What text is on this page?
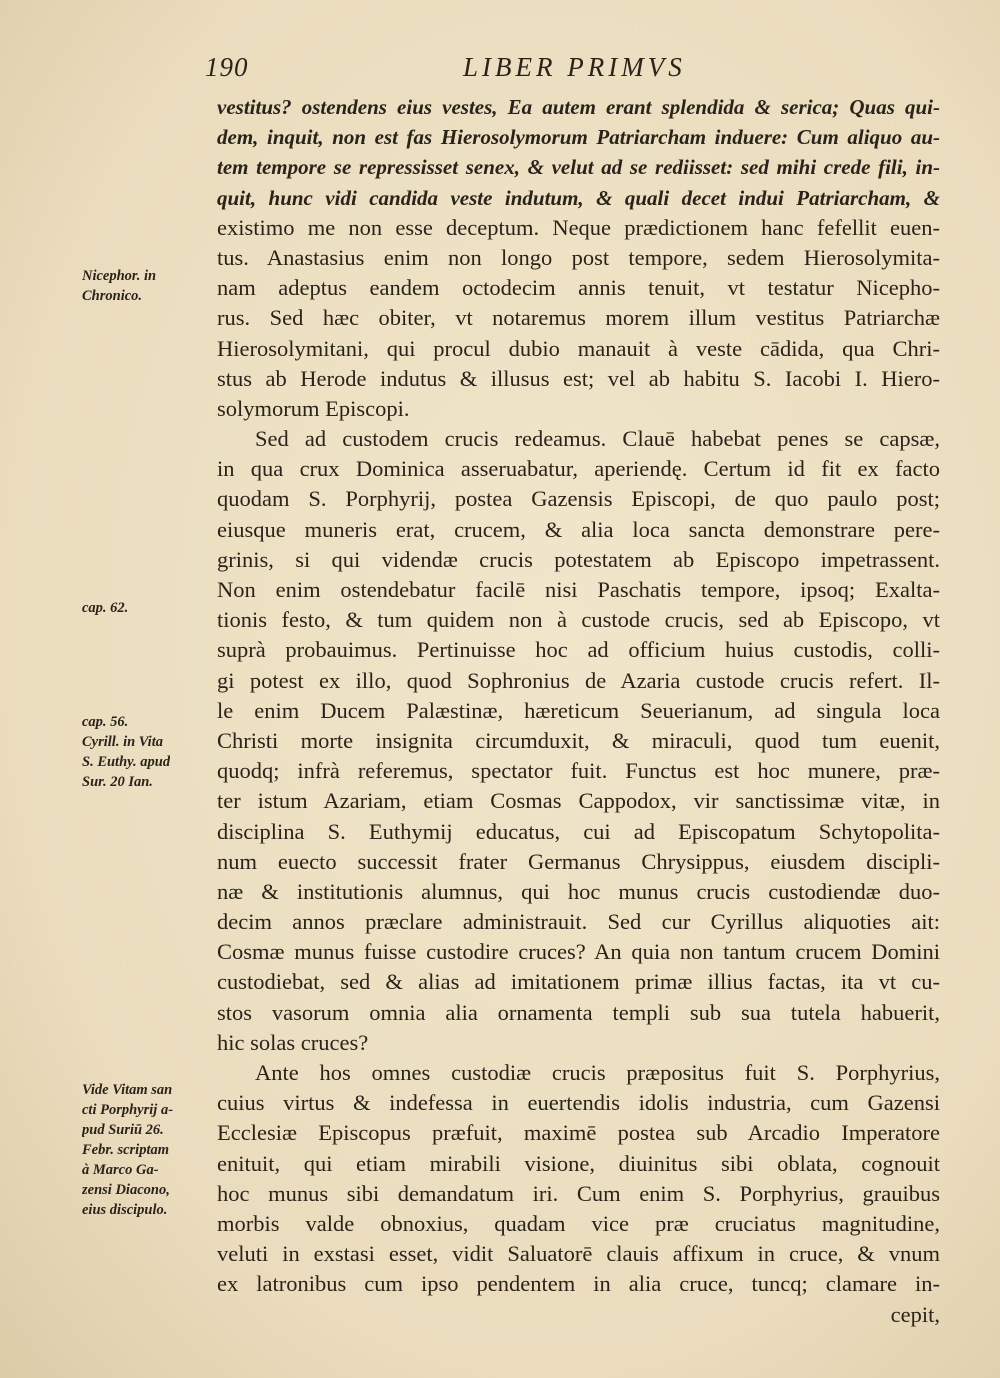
190	LIBER PRIMVS
vestitus? ostendens eius vestes, Ea autem erant splendida & serica; Quas qui-
dem, inquit, non est fas Hierosolymorum Patriarcham induere: Cum aliquo au-
tem tempore se repressisset senex, & velut ad se rediisset: sed mihi crede fili, in-
quit, hunc vidi candida veste indutum, & quali decet indui Patriarcham, &
existimo me non esse deceptum. Neque prædictionem hanc fefellit euen-
tus. Anastasius enim non longo post tempore, sedem Hierosolymita-
nam adeptus eandem octodecim annis tenuit, vt testatur Nicepho-
rus. Sed hæc obiter, vt notaremus morem illum vestitus Patriarchæ
Hierosolymitani, qui procul dubio manauit à veste cādida, qua Chri-
stus ab Herode indutus & illusus est; vel ab habitu S. Iacobi I. Hiero-
solymorum Episcopi.
Sed ad custodem crucis redeamus. Clauē habebat penes se capsæ,
in qua crux Dominica asseruabatur, aperiendę. Certum id fit ex facto
quodam S. Porphyrij, postea Gazensis Episcopi, de quo paulo post;
eiusque muneris erat, crucem, & alia loca sancta demonstrare pere-
grinis, si qui videndæ crucis potestatem ab Episcopo impetrassent.
Non enim ostendebatur facilē nisi Paschatis tempore, ipsoq; Exalta-
tionis festo, & tum quidem non à custode crucis, sed ab Episcopo, vt
suprà probauimus. Pertinuisse hoc ad officium huius custodis, colli-
gi potest ex illo, quod Sophronius de Azaria custode crucis refert. Il-
le enim Ducem Palæstinæ, hæreticum Seuerianum, ad singula loca
Christi morte insignita circumduxit, & miraculi, quod tum euenit,
quodq; infrà referemus, spectator fuit. Functus est hoc munere, præ-
ter istum Azariam, etiam Cosmas Cappodox, vir sanctissimæ vitæ, in
disciplina S. Euthymij educatus, cui ad Episcopatum Schytopolita-
num euecto successit frater Germanus Chrysippus, eiusdem discipli-
næ & institutionis alumnus, qui hoc munus crucis custodiendæ duo-
decim annos præclare administrauit. Sed cur Cyrillus aliquoties ait:
Cosmæ munus fuisse custodire cruces? An quia non tantum crucem Domini
custodiebat, sed & alias ad imitationem primæ illius factas, ita vt cu-
stos vasorum omnia alia ornamenta templi sub sua tutela habuerit,
hic solas cruces?
Ante hos omnes custodiæ crucis præpositus fuit S. Porphyrius,
cuius virtus & indefessa in euertendis idolis industria, cum Gazensi
Ecclesiæ Episcopus præfuit, maximē postea sub Arcadio Imperatore
enituit, qui etiam mirabili visione, diuinitus sibi oblata, cognouit
hoc munus sibi demandatum iri. Cum enim S. Porphyrius, grauibus
morbis valde obnoxius, quadam vice præ cruciatus magnitudine,
veluti in exstasi esset, vidit Saluatorē clauis affixum in cruce, & vnum
ex latronibus cum ipso pendentem in alia cruce, tuncq; clamare in-
cepit,
Nicephor. in
Chronico.
cap. 62.
cap. 56.
Cyrill. in Vita
S. Euthy. apud
Sur. 20 Ian.
Vide Vitam san
cti Porphyrij a-
pud Suriū 26.
Febr. scriptam
à Marco Ga-
zensi Diacono,
eius discipulo.
